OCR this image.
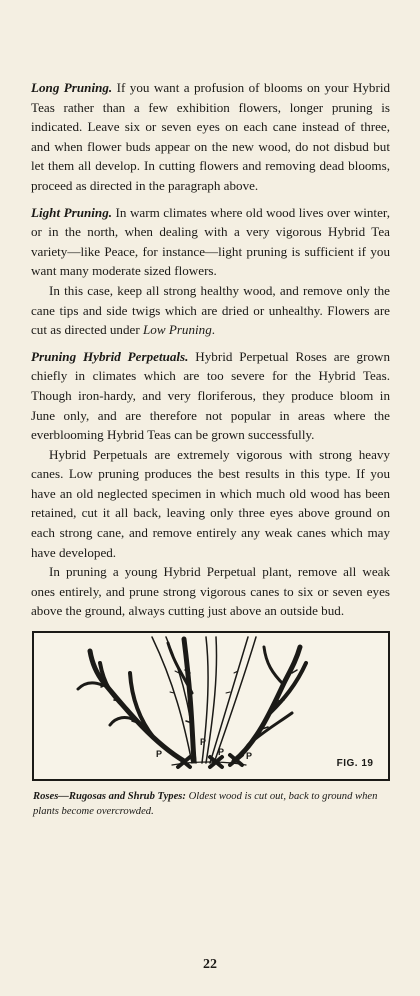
Long Pruning. If you want a profusion of blooms on your Hybrid Teas rather than a few exhibition flowers, longer pruning is indicated. Leave six or seven eyes on each cane instead of three, and when flower buds appear on the new wood, do not disbud but let them all develop. In cutting flowers and removing dead blooms, proceed as directed in the paragraph above.

Light Pruning. In warm climates where old wood lives over winter, or in the north, when dealing with a very vigorous Hybrid Tea variety—like Peace, for instance—light pruning is sufficient if you want many moderate sized flowers.

In this case, keep all strong healthy wood, and remove only the cane tips and side twigs which are dried or unhealthy. Flowers are cut as directed under Low Pruning.

Pruning Hybrid Perpetuals. Hybrid Perpetual Roses are grown chiefly in climates which are too severe for the Hybrid Teas. Though iron-hardy, and very floriferous, they produce bloom in June only, and are therefore not popular in areas where the everblooming Hybrid Teas can be grown successfully.

Hybrid Perpetuals are extremely vigorous with strong heavy canes. Low pruning produces the best results in this type. If you have an old neglected specimen in which much old wood has been retained, cut it all back, leaving only three eyes above ground on each strong cane, and remove entirely any weak canes which may have developed.

In pruning a young Hybrid Perpetual plant, remove all weak ones entirely, and prune strong vigorous canes to six or seven eyes above the ground, always cutting just above an outside bud.

P
P
P P
FIG. 19
Roses—Rugosas and Shrub Types: Oldest wood is cut out, back to ground when plants become overcrowded.
22
